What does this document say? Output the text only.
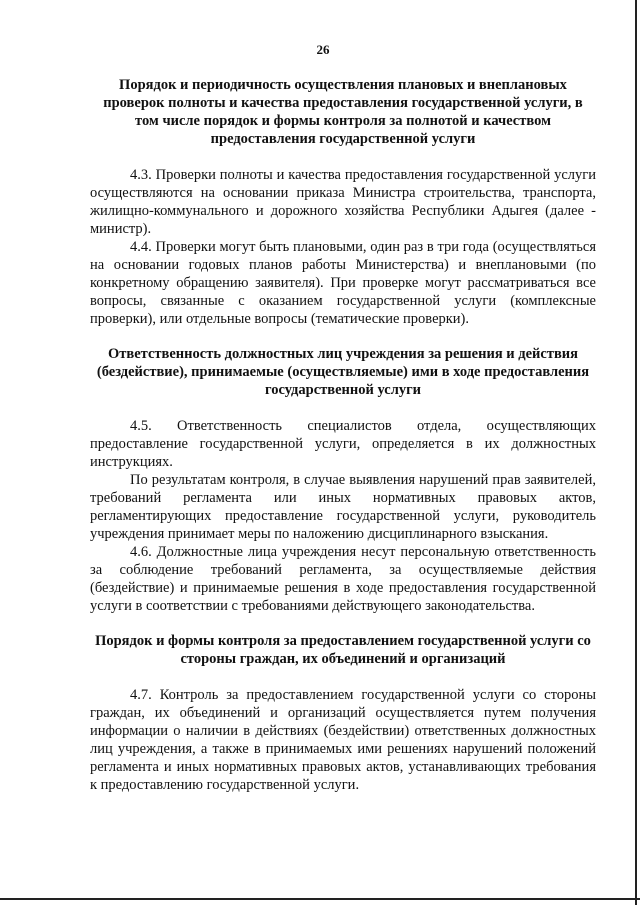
26

Порядок и периодичность осуществления плановых и внеплановых проверок полноты и качества предоставления государственной услуги, в том числе порядок и формы контроля за полнотой и качеством предоставления государственной услуги

4.3. Проверки полноты и качества предоставления государственной услуги осуществляются на основании приказа Министра строительства, транспорта, жилищно-коммунального и дорожного хозяйства Республики Адыгея (далее - министр).

4.4. Проверки могут быть плановыми, один раз в три года (осуществляться на основании годовых планов работы Министерства) и внеплановыми (по конкретному обращению заявителя). При проверке могут рассматриваться все вопросы, связанные с оказанием государственной услуги (комплексные проверки), или отдельные вопросы (тематические проверки).

Ответственность должностных лиц учреждения за решения и действия (бездействие), принимаемые (осуществляемые) ими в ходе предоставления государственной услуги

4.5. Ответственность специалистов отдела, осуществляющих предоставление государственной услуги, определяется в их должностных инструкциях.

По результатам контроля, в случае выявления нарушений прав заявителей, требований регламента или иных нормативных правовых актов, регламентирующих предоставление государственной услуги, руководитель учреждения принимает меры по наложению дисциплинарного взыскания.

4.6. Должностные лица учреждения несут персональную ответственность за соблюдение требований регламента, за осуществляемые действия (бездействие) и принимаемые решения в ходе предоставления государственной услуги в соответствии с требованиями действующего законодательства.

Порядок и формы контроля за предоставлением государственной услуги со стороны граждан, их объединений и организаций

4.7. Контроль за предоставлением государственной услуги со стороны граждан, их объединений и организаций осуществляется путем получения информации о наличии в действиях (бездействии) ответственных должностных лиц учреждения, а также в принимаемых ими решениях нарушений положений регламента и иных нормативных правовых актов, устанавливающих требования к предоставлению государственной услуги.
